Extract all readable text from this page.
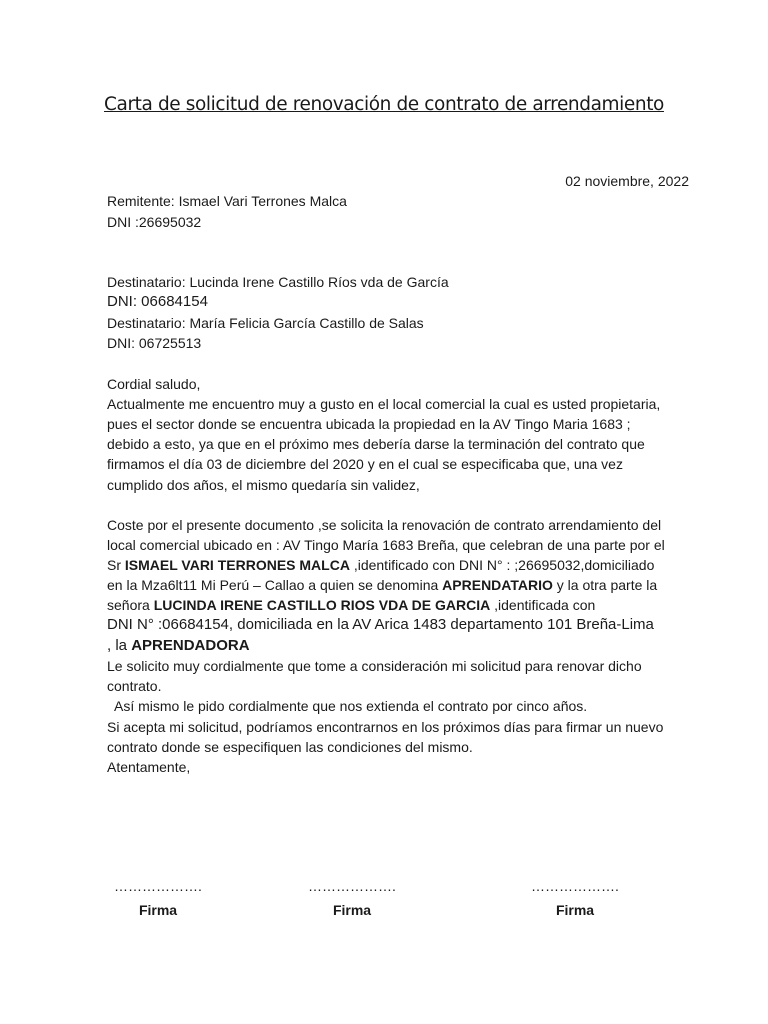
Carta de solicitud de renovación de contrato de arrendamiento
02 noviembre, 2022
Remitente: Ismael Vari Terrones Malca
DNI :26695032
Destinatario: Lucinda Irene Castillo Ríos vda de García
DNI: 06684154
Destinatario: María Felicia García Castillo de Salas
DNI: 06725513
Cordial saludo,
Actualmente me encuentro muy a gusto en el local comercial la cual es usted propietaria,
pues el sector donde se encuentra ubicada la propiedad en la AV Tingo Maria 1683 ;
debido a esto, ya que en el próximo mes debería darse la terminación del contrato que
firmamos el día 03 de diciembre del 2020 y en el cual se especificaba que, una vez
cumplido dos años, el mismo quedaría sin validez,
Coste por el presente documento ,se solicita la renovación de contrato arrendamiento del
local comercial ubicado en : AV Tingo María 1683 Breña, que celebran de una parte por el
Sr ISMAEL VARI TERRONES MALCA ,identificado con DNI N° : ;26695032,domiciliado
en la Mza6lt11 Mi Perú – Callao a quien se denomina APRENDATARIO y la otra parte la
señora LUCINDA IRENE CASTILLO RIOS VDA DE GARCIA ,identificada con
DNI N° :06684154, domiciliada en la AV Arica 1483 departamento 101 Breña-Lima
, la APRENDADORA
Le solicito muy cordialmente que tome a consideración mi solicitud para renovar dicho
contrato.
Así mismo le pido cordialmente que nos extienda el contrato por cinco años.
Si acepta mi solicitud, podríamos encontrarnos en los próximos días para firmar un nuevo
contrato donde se especifiquen las condiciones del mismo.
Atentamente,
……………….
Firma
……………….
Firma
……………….
Firma
